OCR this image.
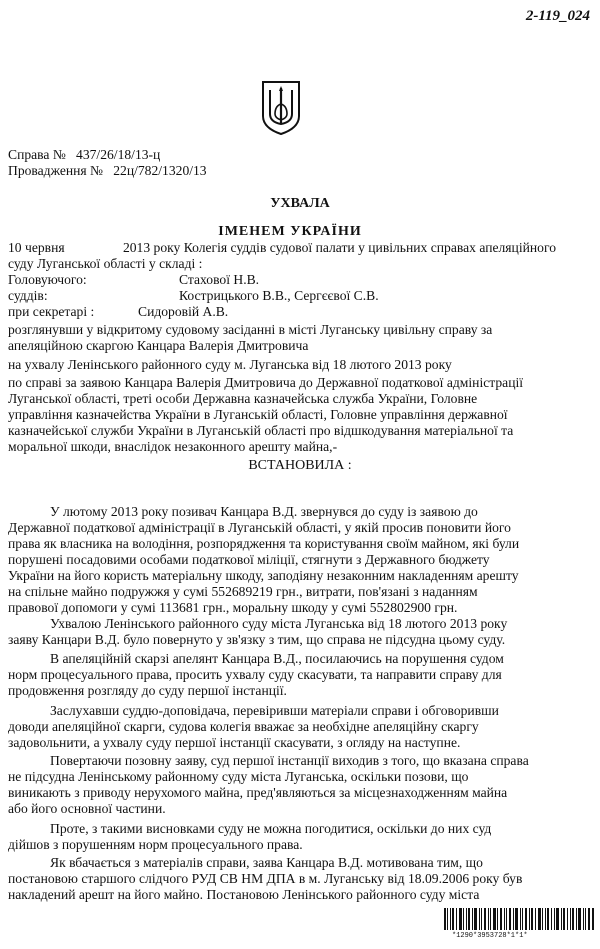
2-119_024
Справа № 437/26/18/13-ц
Провадження № 22ц/782/1320/13
УХВАЛА
ІМЕНЕМ УКРАЇНИ
10 червня	2013 року Колегія суддів судової палати у цивільних справах апеляційного
суду Луганської області у складі :
Головуючого:	Стахової Н.В.
суддів:	Кострицького В.В., Сергєєвої С.В.
при секретарі :	Сидоровій А.В.
розглянувши у відкритому судовому засіданні в місті Луганську цивільну справу за
апеляційною скаргою Канцара Валерія Дмитровича
на ухвалу Ленінського районного суду м. Луганська від 18 лютого 2013 року
по справі за заявою Канцара Валерія Дмитровича до Державної податкової адміністрації
Луганської області, треті особи Державна казначейська служба України, Головне
управління казначейства України в Луганській області, Головне управління державної
казначейської служби України в Луганській області про відшкодування матеріальної та
моральної шкоди, внаслідок незаконного арешту майна,-
ВСТАНОВИЛА :
У лютому 2013 року позивач Канцара В.Д. звернувся до суду із заявою до
Державної податкової адміністрації в Луганській області, у якій просив поновити його
права як власника на володіння, розпорядження та користування своїм майном, які були
порушені посадовими особами податкової міліції, стягнути з Державного бюджету
України на його користь матеріальну шкоду, заподіяну незаконним накладенням арешту
на спільне майно подружжя у сумі 552689219 грн., витрати, пов'язані з наданням
правової допомоги у сумі 113681 грн., моральну шкоду у сумі 552802900 грн.
Ухвалою Ленінського районного суду міста Луганська від 18 лютого 2013 року
заяву Канцари В.Д. було повернуто у зв'язку з тим, що справа не підсудна цьому суду.
В апеляційній скарзі апелянт Канцара В.Д., посилаючись на порушення судом
норм процесуального права, просить ухвалу суду скасувати, та направити справу для
продовження розгляду до суду першої інстанції.
Заслухавши суддю-доповідача, перевіривши матеріали справи і обговоривши
доводи апеляційної скарги, судова колегія вважає за необхідне апеляційну скаргу
задовольнити, а ухвалу суду першої інстанції скасувати, з огляду на наступне.
Повертаючи позовну заяву, суд першої інстанції виходив з того, що вказана справа
не підсудна Ленінському районному суду міста Луганська, оскільки позови, що
виникають з приводу нерухомого майна, пред'являються за місцезнаходженням майна
або його основної частини.
Проте, з такими висновками суду не можна погодитися, оскільки до них суд
дійшов з порушенням норм процесуального права.
Як вбачається з матеріалів справи, заява Канцара В.Д. мотивована тим, що
постановою старшого слідчого РУД СВ НМ ДПА в м. Луганську від 18.09.2006 року був
накладений арешт на його майно. Постановою Ленінського районного суду міста
*1290*3953728*1*1*
